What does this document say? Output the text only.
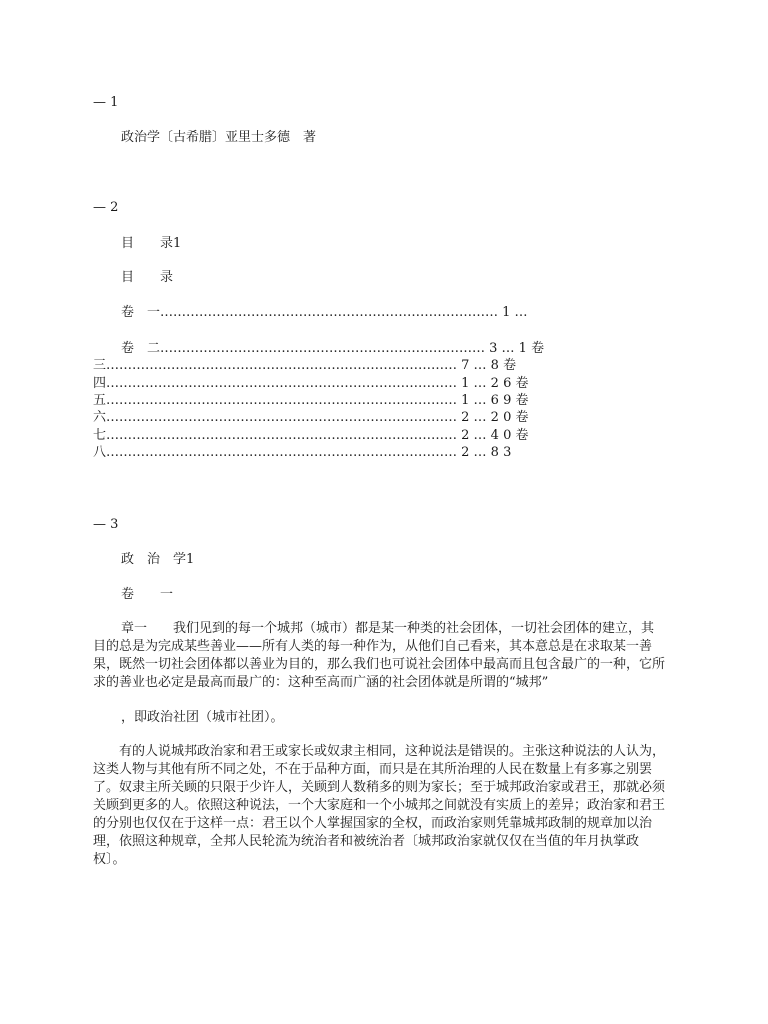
— 1
政治学〔古希腊〕亚里士多德　著
— 2
目　　录1
目　　录
卷　一…………………………………………………………………… 1 …
卷　二………………………………………………………………… 3 … 1 卷
三……………………………………………………………………… 7 … 8 卷
四……………………………………………………………………… 1 … 2 6 卷
五……………………………………………………………………… 1 … 6 9 卷
六……………………………………………………………………… 2 … 2 0 卷
七……………………………………………………………………… 2 … 4 0 卷
八……………………………………………………………………… 2 … 8 3
— 3
政　治　学1
卷　　一
章一 我们见到的每一个城邦（城市）都是某一种类的社会团体，一切社会团体的建立，其目的总是为完成某些善业——所有人类的每一种作为，从他们自己看来，其本意总是在求取某一善果，既然一切社会团体都以善业为目的，那么我们也可说社会团体中最高而且包含最广的一种，它所求的善业也必定是最高而最广的：这种至高而广涵的社会团体就是所谓的“城邦”
，即政治社团（城市社团）。
有的人说城邦政治家和君王或家长或奴隶主相同，这种说法是错误的。主张这种说法的人认为，这类人物与其他有所不同之处，不在于品种方面，而只是在其所治理的人民在数量上有多寡之别罢了。奴隶主所关顾的只限于少许人，关顾到人数稍多的则为家长；至于城邦政治家或君王，那就必须关顾到更多的人。依照这种说法，一个大家庭和一个小城邦之间就没有实质上的差异；政治家和君王的分别也仅仅在于这样一点：君王以个人掌握国家的全权，而政治家则凭靠城邦政制的规章加以治理，依照这种规章，全邦人民轮流为统治者和被统治者〔城邦政治家就仅仅在当值的年月执掌政权〕。
